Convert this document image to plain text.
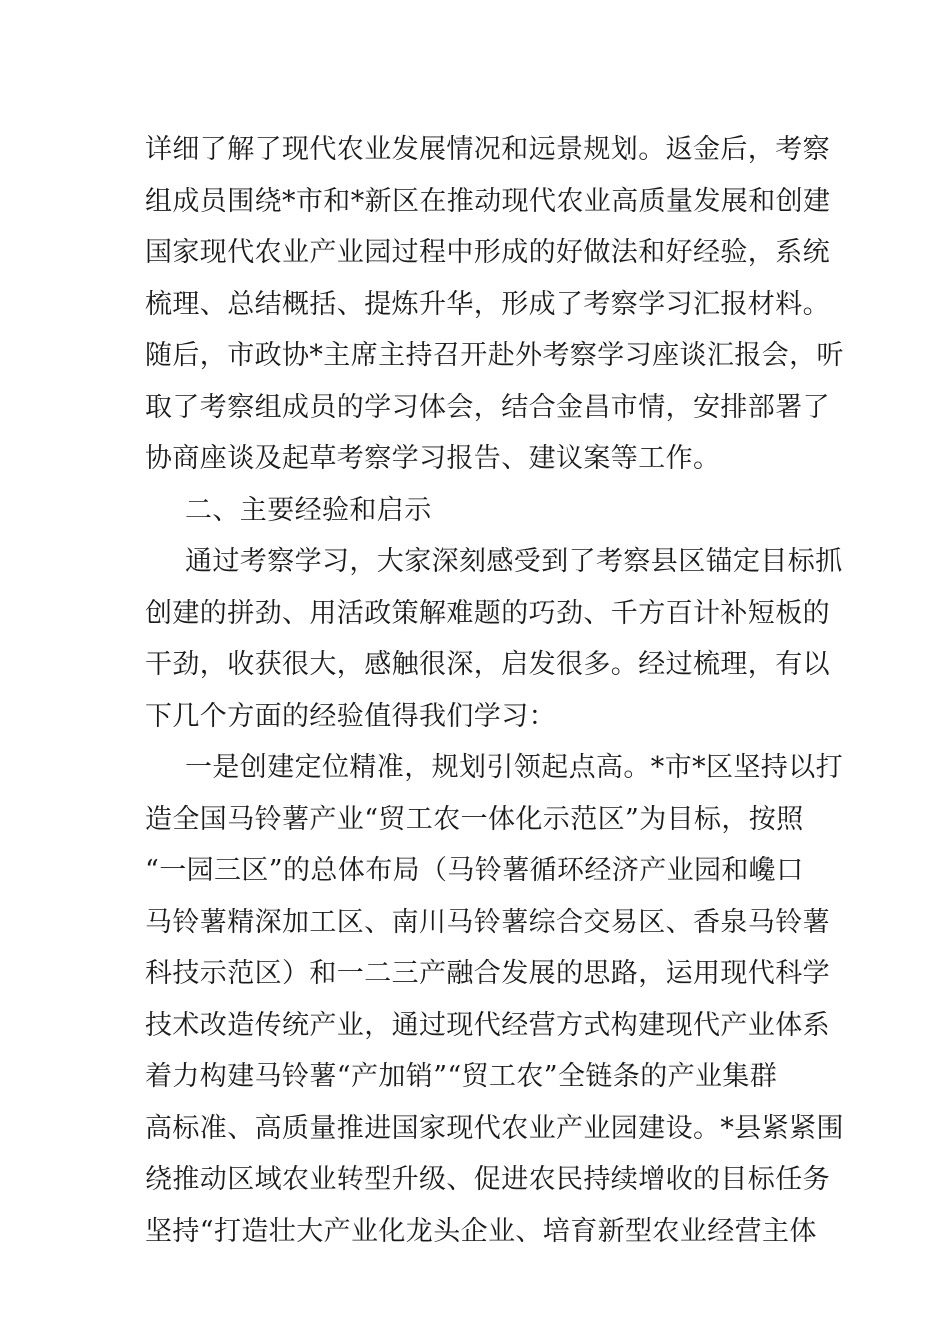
详细了解了现代农业发展情况和远景规划。返金后，考察
组成员围绕*市和*新区在推动现代农业高质量发展和创建
国家现代农业产业园过程中形成的好做法和好经验，系统
梳理、总结概括、提炼升华，形成了考察学习汇报材料。
随后，市政协*主席主持召开赴外考察学习座谈汇报会，听
取了考察组成员的学习体会，结合金昌市情，安排部署了
协商座谈及起草考察学习报告、建议案等工作。
二、主要经验和启示
通过考察学习，大家深刻感受到了考察县区锚定目标抓
创建的拼劲、用活政策解难题的巧劲、千方百计补短板的
干劲，收获很大，感触很深，启发很多。经过梳理，有以
下几个方面的经验值得我们学习：
一是创建定位精准，规划引领起点高。*市*区坚持以打
造全国马铃薯产业“贸工农一体化示范区”为目标，按照
“一园三区”的总体布局（马铃薯循环经济产业园和巉口
马铃薯精深加工区、南川马铃薯综合交易区、香泉马铃薯
科技示范区）和一二三产融合发展的思路，运用现代科学
技术改造传统产业，通过现代经营方式构建现代产业体系
着力构建马铃薯“产加销”“贸工农”全链条的产业集群
高标准、高质量推进国家现代农业产业园建设。*县紧紧围
绕推动区域农业转型升级、促进农民持续增收的目标任务
坚持“打造壮大产业化龙头企业、培育新型农业经营主体
